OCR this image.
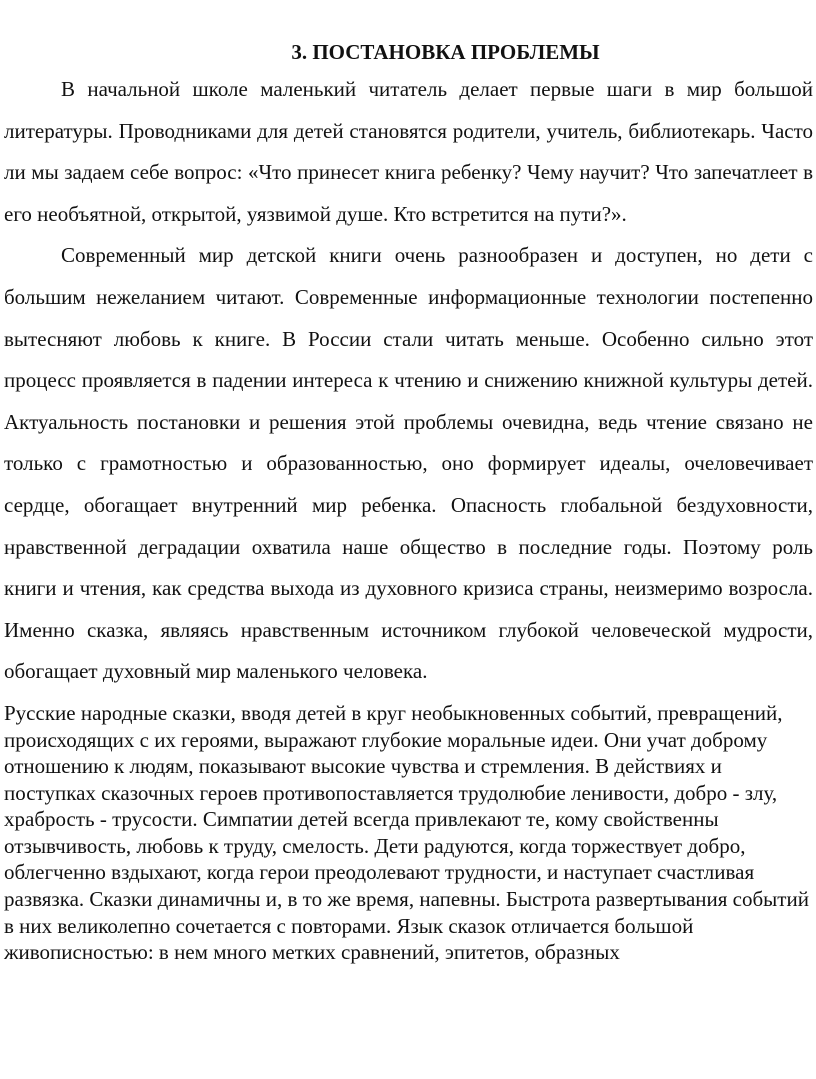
3. ПОСТАНОВКА ПРОБЛЕМЫ

В начальной школе маленький читатель делает первые шаги в мир большой литературы. Проводниками для детей становятся родители, учитель, библиотекарь. Часто ли мы задаем себе вопрос: «Что принесет книга ребенку? Чему научит? Что запечатлеет в его необъятной, открытой, уязвимой душе. Кто встретится на пути?».

Современный мир детской книги очень разнообразен и доступен, но дети с большим нежеланием читают. Современные информационные технологии постепенно вытесняют любовь к книге. В России стали читать меньше. Особенно сильно этот процесс проявляется в падении интереса к чтению и снижению книжной культуры детей. Актуальность постановки и решения этой проблемы очевидна, ведь чтение связано не только с грамотностью и образованностью, оно формирует идеалы, очеловечивает сердце, обогащает внутренний мир ребенка. Опасность глобальной бездуховности, нравственной деградации охватила наше общество в последние годы. Поэтому роль книги и чтения, как средства выхода из духовного кризиса страны, неизмеримо возросла. Именно сказка, являясь нравственным источником глубокой человеческой мудрости, обогащает духовный мир маленького человека.

Русские народные сказки, вводя детей в круг необыкновенных событий, превращений, происходящих с их героями, выражают глубокие моральные идеи. Они учат доброму отношению к людям, показывают высокие чувства и стремления. В действиях и поступках сказочных героев противопоставляется трудолюбие ленивости, добро - злу, храбрость - трусости. Симпатии детей всегда привлекают те, кому свойственны отзывчивость, любовь к труду, смелость. Дети радуются, когда торжествует добро, облегченно вздыхают, когда герои преодолевают трудности, и наступает счастливая развязка. Сказки динамичны и, в то же время, напевны. Быстрота развертывания событий в них великолепно сочетается с повторами. Язык сказок отличается большой живописностью: в нем много метких сравнений, эпитетов, образных
